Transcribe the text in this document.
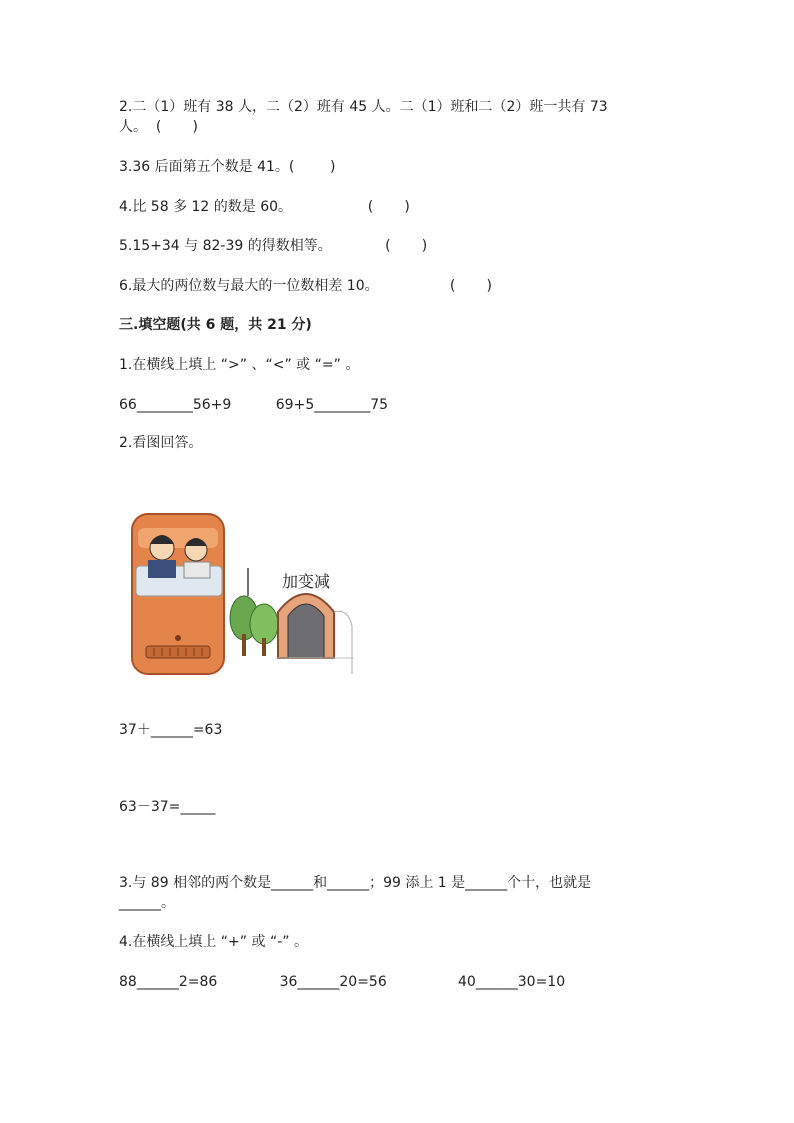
2.二（1）班有 38 人，二（2）班有 45 人。二（1）班和二（2）班一共有 73
人。  (       )
3.36 后面第五个数是 41。(        )
4.比 58 多 12 的数是 60。                 (       )
5.15+34 与 82-39 的得数相等。            (       )
6.最大的两位数与最大的一位数相差 10。                (       )
三.填空题(共 6 题，共 21 分)
1.在横线上填上 “>” 、“<” 或 “=” 。
66________56+9          69+5________75
2.看图回答。
加变减
37＋______=63
63－37=_____
3.与 89 相邻的两个数是______和______；99 添上 1 是______个十，也就是
______。
4.在横线上填上 “+” 或 “-” 。
88______2=86              36______20=56                40______30=10
